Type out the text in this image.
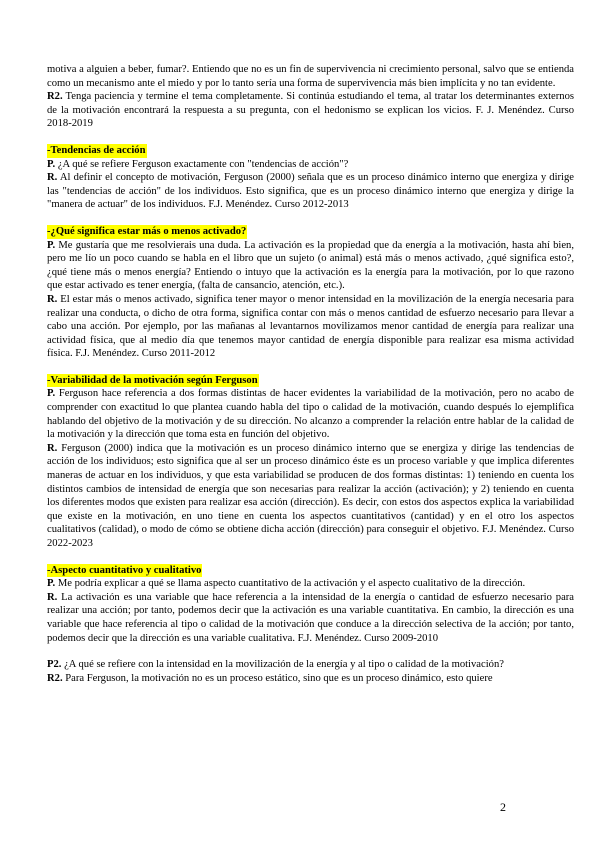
motiva a alguien a beber, fumar?. Entiendo que no es un fin de supervivencia ni crecimiento personal, salvo que se entienda como un mecanismo ante el miedo y por lo tanto sería una forma de supervivencia más bien implícita y no tan evidente.

R2. Tenga paciencia y termine el tema completamente. Si continúa estudiando el tema, al tratar los determinantes externos de la motivación encontrará la respuesta a su pregunta, con el hedonismo se explican los vicios. F. J. Menéndez. Curso 2018-2019

-Tendencias de acción

P. ¿A qué se refiere Ferguson exactamente con "tendencias de acción"?

R. Al definir el concepto de motivación, Ferguson (2000) señala que es un proceso dinámico interno que energiza y dirige las "tendencias de acción" de los individuos. Esto significa, que es un proceso dinámico interno que energiza y dirige la "manera de actuar" de los individuos. F.J. Menéndez. Curso 2012-2013

-¿Qué significa estar más o menos activado?

P. Me gustaría que me resolvierais una duda. La activación es la propiedad que da energía a la motivación, hasta ahí bien, pero me lío un poco cuando se habla en el libro que un sujeto (o animal) está más o menos activado, ¿qué significa esto?, ¿qué tiene más o menos energía? Entiendo o intuyo que la activación es la energía para la motivación, por lo que razono que estar activado es tener energía, (falta de cansancio, atención, etc.).

R. El estar más o menos activado, significa tener mayor o menor intensidad en la movilización de la energía necesaria para realizar una conducta, o dicho de otra forma, significa contar con más o menos cantidad de esfuerzo necesario para llevar a cabo una acción. Por ejemplo, por las mañanas al levantarnos movilizamos menor cantidad de energía para realizar una actividad física, que al medio día que tenemos mayor cantidad de energía disponible para realizar esa misma actividad física. F.J. Menéndez. Curso 2011-2012

-Variabilidad de la motivación según Ferguson

P. Ferguson hace referencia a dos formas distintas de hacer evidentes la variabilidad de la motivación, pero no acabo de comprender con exactitud lo que plantea cuando habla del tipo o calidad de la motivación, cuando después lo ejemplifica hablando del objetivo de la motivación y de su dirección. No alcanzo a comprender la relación entre hablar de la calidad de la motivación y la dirección que toma esta en función del objetivo.

R. Ferguson (2000) indica que la motivación es un proceso dinámico interno que se energiza y dirige las tendencias de acción de los individuos; esto significa que al ser un proceso dinámico éste es un proceso variable y que implica diferentes maneras de actuar en los individuos, y que esta variabilidad se producen de dos formas distintas: 1) teniendo en cuenta los distintos cambios de intensidad de energía que son necesarias para realizar la acción (activación); y 2) teniendo en cuenta los diferentes modos que existen para realizar esa acción (dirección). Es decir, con estos dos aspectos explica la variabilidad que existe en la motivación, en uno tiene en cuenta los aspectos cuantitativos (cantidad) y en el otro los aspectos cualitativos (calidad), o modo de cómo se obtiene dicha acción (dirección) para conseguir el objetivo. F.J. Menéndez. Curso 2022-2023

-Aspecto cuantitativo y cualitativo

P. Me podría explicar a qué se llama aspecto cuantitativo de la activación y el aspecto cualitativo de la dirección.

R. La activación es una variable que hace referencia a la intensidad de la energía o cantidad de esfuerzo necesario para realizar una acción; por tanto, podemos decir que la activación es una variable cuantitativa. En cambio, la dirección es una variable que hace referencia al tipo o calidad de la motivación que conduce a la dirección selectiva de la acción; por tanto, podemos decir que la dirección es una variable cualitativa. F.J. Menéndez. Curso 2009-2010

P2. ¿A qué se refiere con la intensidad en la movilización de la energía y al tipo o calidad de la motivación?

R2. Para Ferguson, la motivación no es un proceso estático, sino que es un proceso dinámico, esto quiere

2
